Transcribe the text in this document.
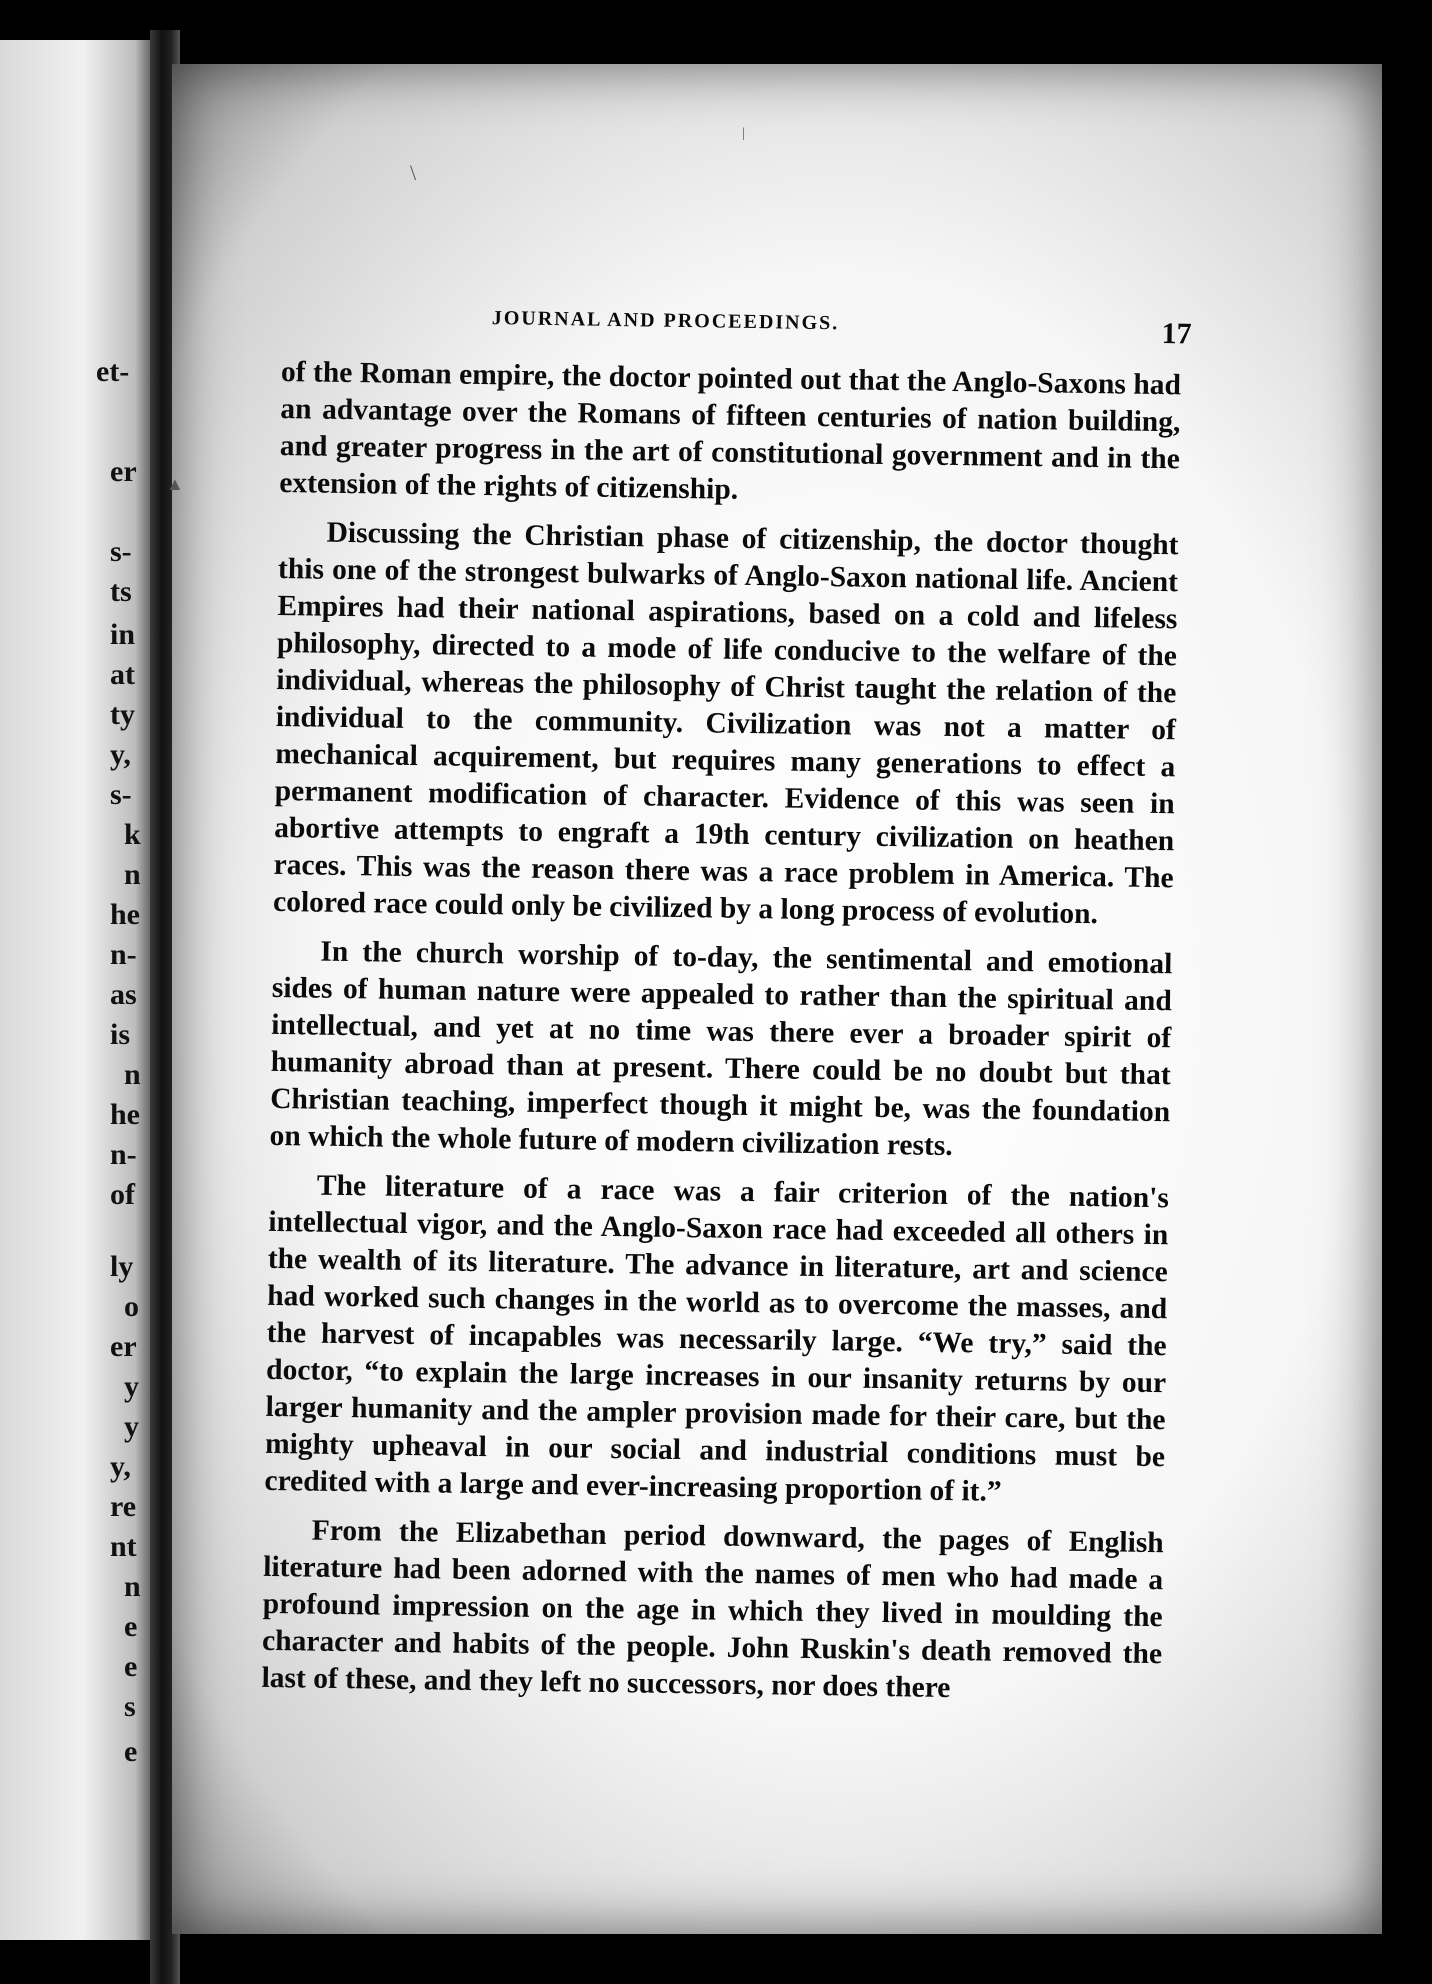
et-
er
s-
ts
in
at
ty
y,
s-
k
n
he
n-
as
is
n
he
n-
of
ly
o
er
y
y
y,
re
nt
n
e
e
s
e
\
|
▲
JOURNAL AND PROCEEDINGS.	17

of the Roman empire, the doctor pointed out that the Anglo-Saxons had an advantage over the Romans of fifteen centuries of nation building, and greater progress in the art of constitutional government and in the extension of the rights of citizenship.

Discussing the Christian phase of citizenship, the doctor thought this one of the strongest bulwarks of Anglo-Saxon national life. Ancient Empires had their national aspirations, based on a cold and lifeless philosophy, directed to a mode of life conducive to the welfare of the individual, whereas the philosophy of Christ taught the relation of the individual to the community. Civilization was not a matter of mechanical acquirement, but requires many generations to effect a permanent modification of character. Evidence of this was seen in abortive attempts to engraft a 19th century civilization on heathen races. This was the reason there was a race problem in America. The colored race could only be civilized by a long process of evolution.

In the church worship of to-day, the sentimental and emotional sides of human nature were appealed to rather than the spiritual and intellectual, and yet at no time was there ever a broader spirit of humanity abroad than at present. There could be no doubt but that Christian teaching, imperfect though it might be, was the foundation on which the whole future of modern civilization rests.

The literature of a race was a fair criterion of the nation's intellectual vigor, and the Anglo-Saxon race had exceeded all others in the wealth of its literature. The advance in literature, art and science had worked such changes in the world as to overcome the masses, and the harvest of incapables was necessarily large. “We try,” said the doctor, “to explain the large increases in our insanity returns by our larger humanity and the ampler provision made for their care, but the mighty upheaval in our social and industrial conditions must be credited with a large and ever-increasing proportion of it.”

From the Elizabethan period downward, the pages of English literature had been adorned with the names of men who had made a profound impression on the age in which they lived in moulding the character and habits of the people. John Ruskin's death removed the last of these, and they left no successors, nor does there
